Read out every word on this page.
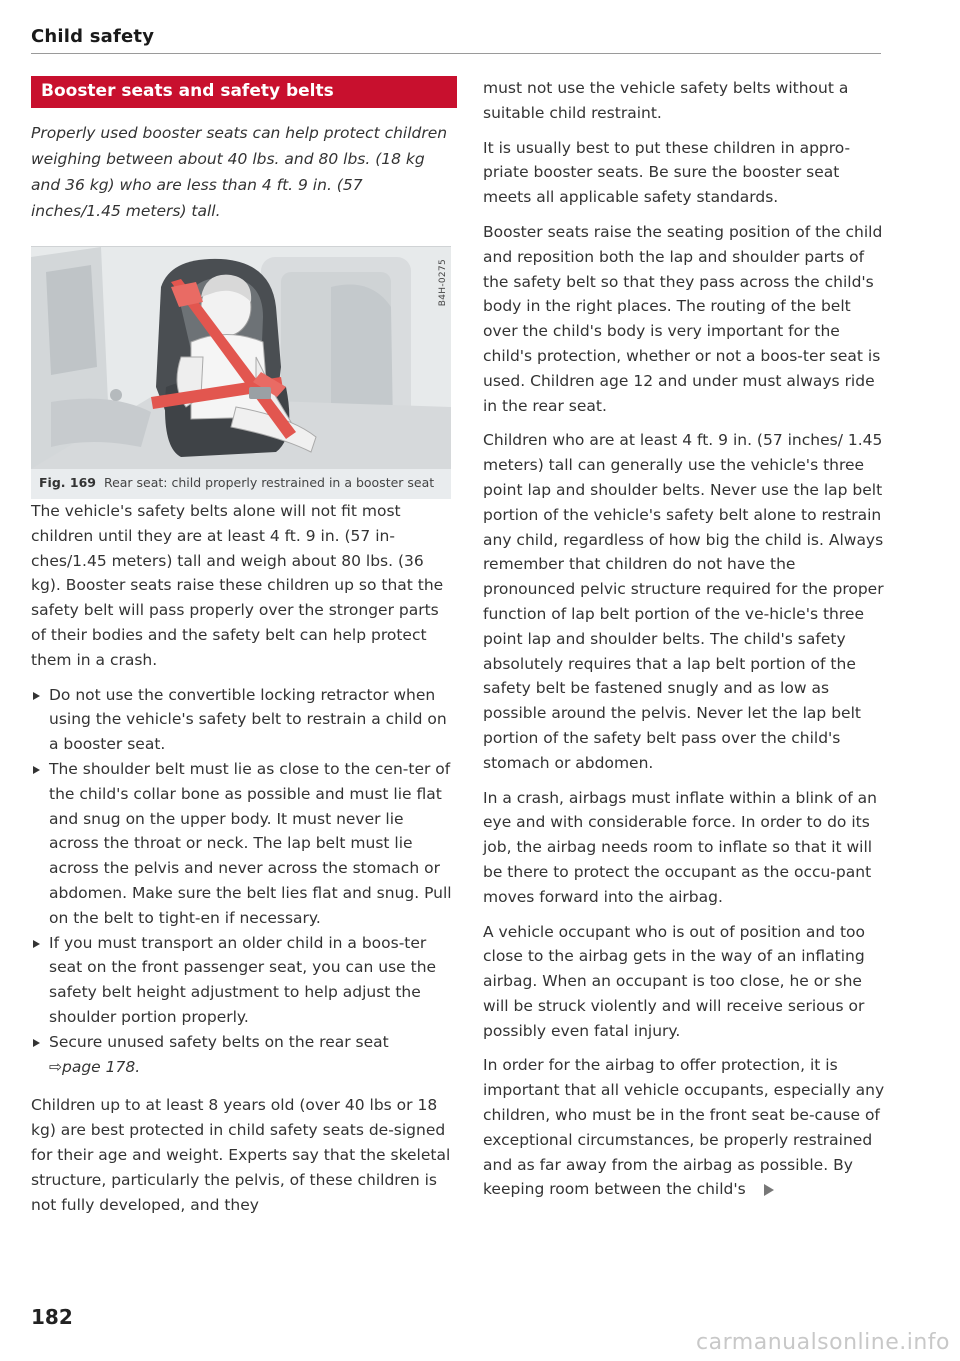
Child safety
Booster seats and safety belts

Properly used booster seats can help protect children weighing between about 40 lbs. and 80 lbs. (18 kg and 36 kg) who are less than 4 ft. 9 in. (57 inches/1.45 meters) tall.

B4H-0275
Fig. 169 Rear seat: child properly restrained in a booster seat

The vehicle's safety belts alone will not fit most children until they are at least 4 ft. 9 in. (57 in-ches/1.45 meters) tall and weigh about 80 lbs. (36 kg). Booster seats raise these children up so that the safety belt will pass properly over the stronger parts of their bodies and the safety belt can help protect them in a crash.

Do not use the convertible locking retractor when using the vehicle's safety belt to restrain a child on a booster seat.
The shoulder belt must lie as close to the cen-ter of the child's collar bone as possible and must lie flat and snug on the upper body. It must never lie across the throat or neck. The lap belt must lie across the pelvis and never across the stomach or abdomen. Make sure the belt lies flat and snug. Pull on the belt to tight-en if necessary.
If you must transport an older child in a boos-ter seat on the front passenger seat, you can use the safety belt height adjustment to help adjust the shoulder portion properly.
Secure unused safety belts on the rear seat
⇨page 178.

Children up to at least 8 years old (over 40 lbs or 18 kg) are best protected in child safety seats de-signed for their age and weight. Experts say that the skeletal structure, particularly the pelvis, of these children is not fully developed, and they

must not use the vehicle safety belts without a suitable child restraint.

It is usually best to put these children in appro-priate booster seats. Be sure the booster seat meets all applicable safety standards.

Booster seats raise the seating position of the child and reposition both the lap and shoulder parts of the safety belt so that they pass across the child's body in the right places. The routing of the belt over the child's body is very important for the child's protection, whether or not a boos-ter seat is used. Children age 12 and under must always ride in the rear seat.

Children who are at least 4 ft. 9 in. (57 inches/ 1.45 meters) tall can generally use the vehicle's three point lap and shoulder belts. Never use the lap belt portion of the vehicle's safety belt alone to restrain any child, regardless of how big the child is. Always remember that children do not have the pronounced pelvic structure required for the proper function of lap belt portion of the ve-hicle's three point lap and shoulder belts. The child's safety absolutely requires that a lap belt portion of the safety belt be fastened snugly and as low as possible around the pelvis. Never let the lap belt portion of the safety belt pass over the child's stomach or abdomen.

In a crash, airbags must inflate within a blink of an eye and with considerable force. In order to do its job, the airbag needs room to inflate so that it will be there to protect the occupant as the occu-pant moves forward into the airbag.

A vehicle occupant who is out of position and too close to the airbag gets in the way of an inflating airbag. When an occupant is too close, he or she will be struck violently and will receive serious or possibly even fatal injury.

In order for the airbag to offer protection, it is important that all vehicle occupants, especially any children, who must be in the front seat be-cause of exceptional circumstances, be properly restrained and as far away from the airbag as possible. By keeping room between the child's

182
carmanualsonline.info
